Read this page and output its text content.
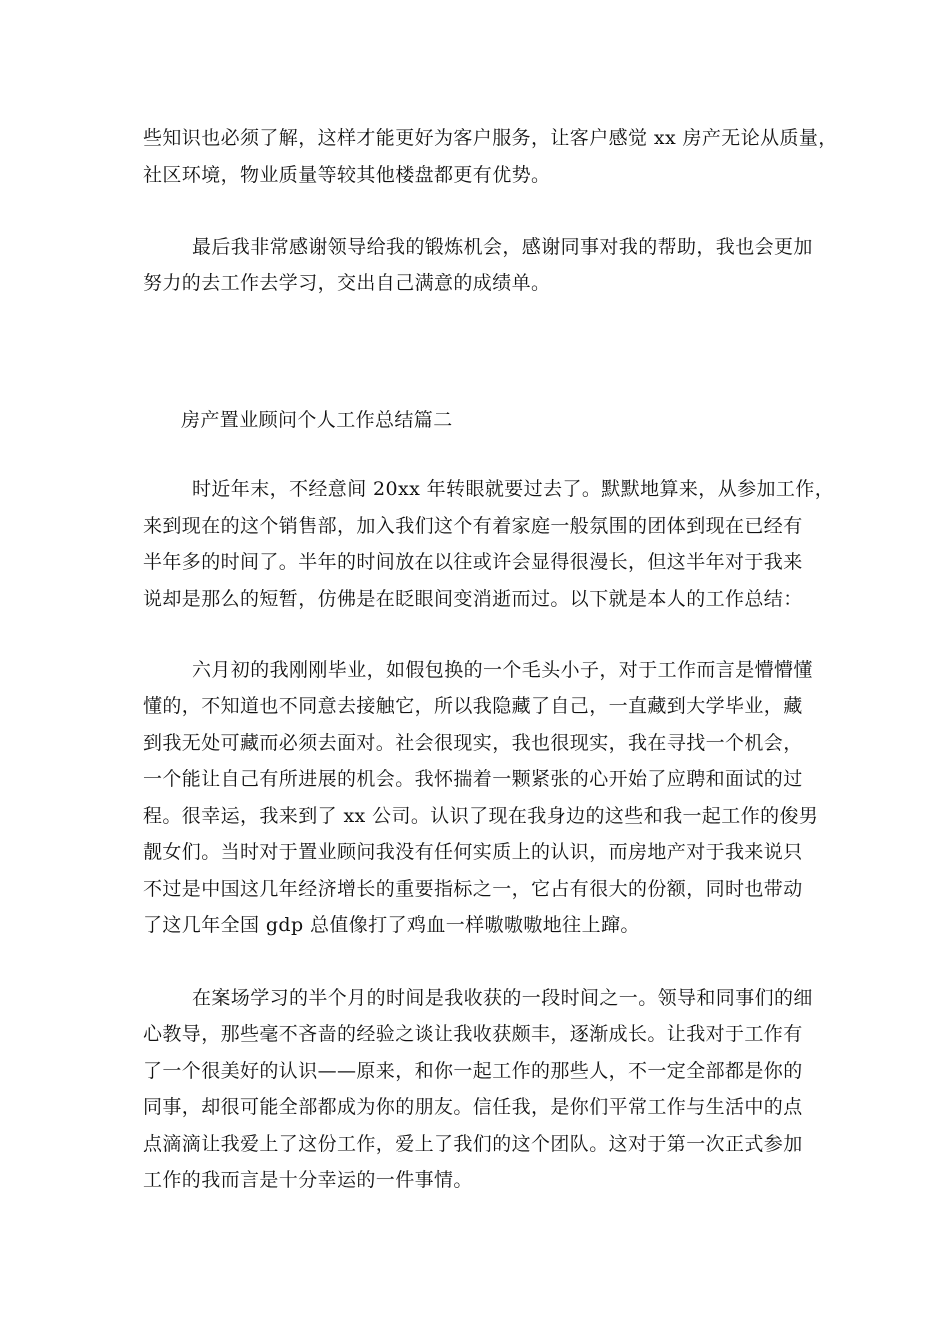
些知识也必须了解，这样才能更好为客户服务，让客户感觉 xx 房产无论从质量，

社区环境，物业质量等较其他楼盘都更有优势。

最后我非常感谢领导给我的锻炼机会，感谢同事对我的帮助，我也会更加

努力的去工作去学习，交出自己满意的成绩单。

房产置业顾问个人工作总结篇二

时近年末，不经意间 20xx 年转眼就要过去了。默默地算来，从参加工作，

来到现在的这个销售部，加入我们这个有着家庭一般氛围的团体到现在已经有

半年多的时间了。半年的时间放在以往或许会显得很漫长，但这半年对于我来

说却是那么的短暂，仿佛是在眨眼间变消逝而过。以下就是本人的工作总结：

六月初的我刚刚毕业，如假包换的一个毛头小子，对于工作而言是懵懵懂

懂的，不知道也不同意去接触它，所以我隐藏了自己，一直藏到大学毕业，藏

到我无处可藏而必须去面对。社会很现实，我也很现实，我在寻找一个机会，

一个能让自己有所进展的机会。我怀揣着一颗紧张的心开始了应聘和面试的过

程。很幸运，我来到了 xx 公司。认识了现在我身边的这些和我一起工作的俊男

靓女们。当时对于置业顾问我没有任何实质上的认识，而房地产对于我来说只

不过是中国这几年经济增长的重要指标之一，它占有很大的份额，同时也带动

了这几年全国 gdp 总值像打了鸡血一样嗷嗷嗷地往上蹿。

在案场学习的半个月的时间是我收获的一段时间之一。领导和同事们的细

心教导，那些毫不吝啬的经验之谈让我收获颇丰，逐渐成长。让我对于工作有

了一个很美好的认识——原来，和你一起工作的那些人，不一定全部都是你的

同事，却很可能全部都成为你的朋友。信任我，是你们平常工作与生活中的点

点滴滴让我爱上了这份工作，爱上了我们的这个团队。这对于第一次正式参加

工作的我而言是十分幸运的一件事情。
